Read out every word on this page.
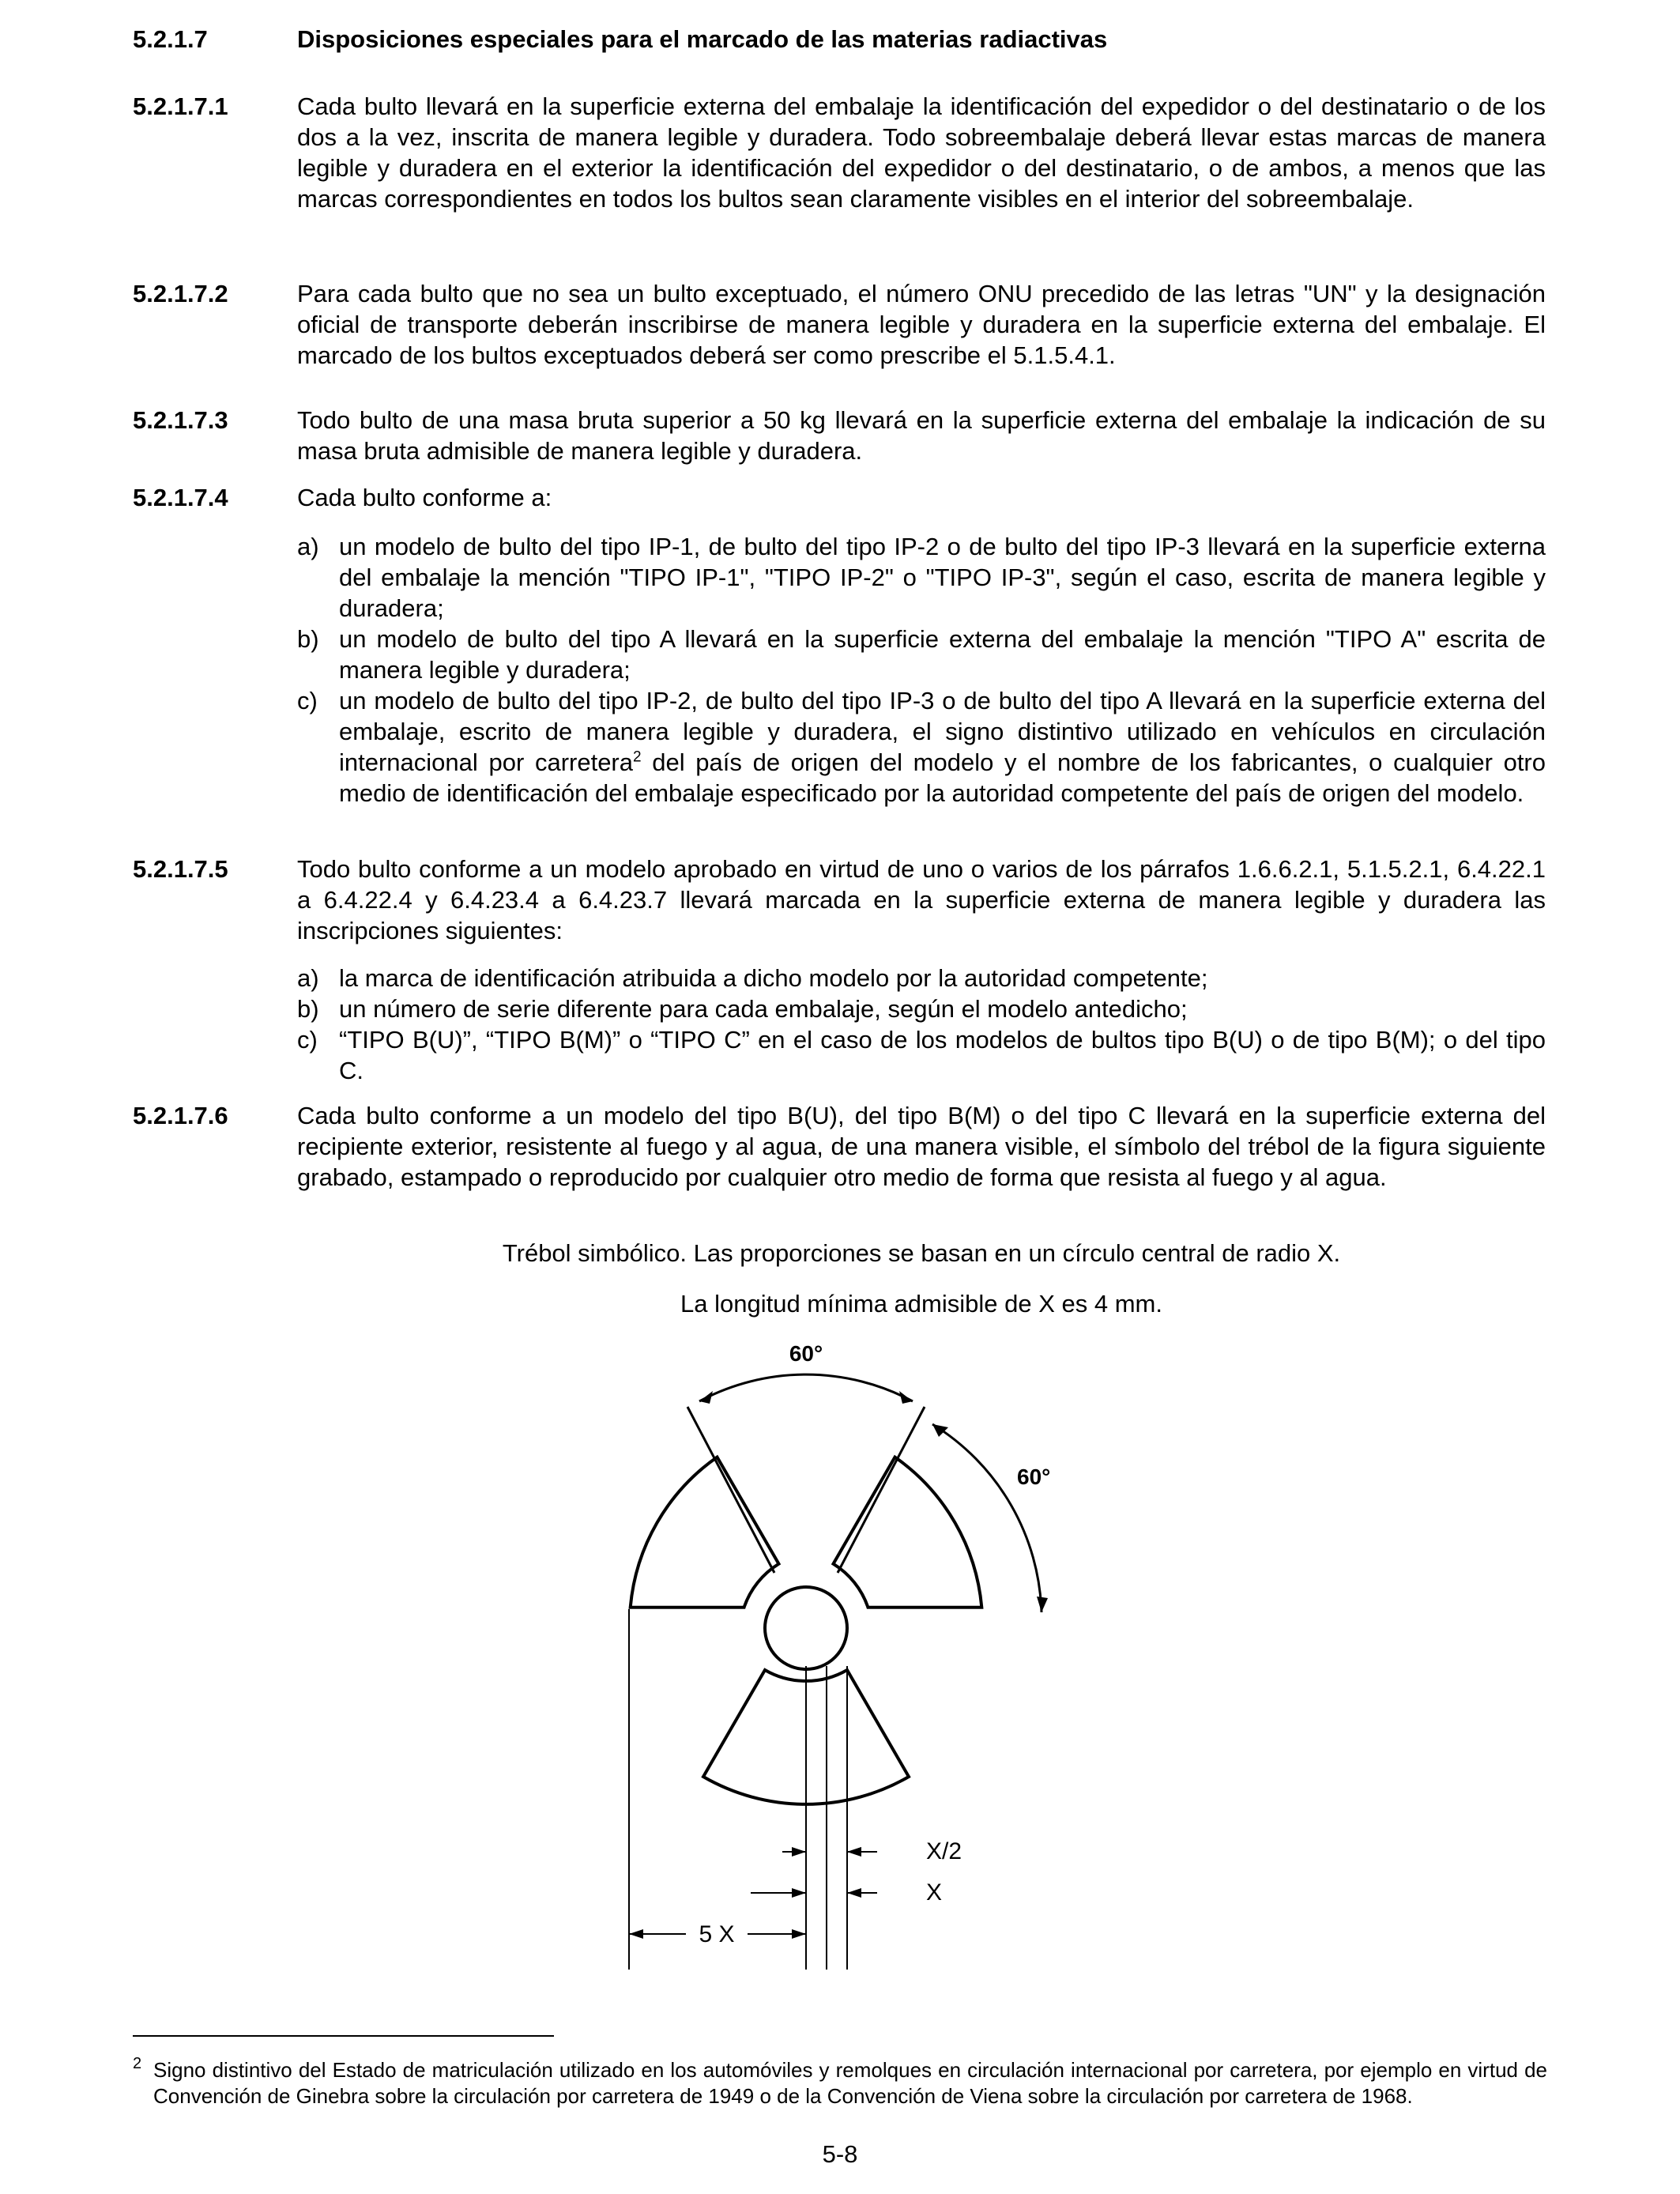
5.2.1.7	Disposiciones especiales para el marcado de las materias radiactivas
5.2.1.7.1	Cada bulto llevará en la superficie externa del embalaje la identificación del expedidor o del destinatario o de los dos a la vez, inscrita de manera legible y duradera. Todo sobreembalaje deberá llevar estas marcas de manera legible y duradera en el exterior la identificación del expedidor o del destinatario, o de ambos, a menos que las marcas correspondientes en todos los bultos sean claramente visibles en el interior del sobreembalaje.
5.2.1.7.2	Para cada bulto que no sea un bulto exceptuado, el número ONU precedido de las letras "UN" y la designación oficial de transporte deberán inscribirse de manera legible y duradera en la superficie externa del embalaje. El marcado de los bultos exceptuados deberá ser como prescribe el 5.1.5.4.1.
5.2.1.7.3	Todo bulto de una masa bruta superior a 50 kg llevará en la superficie externa del embalaje la indicación de su masa bruta admisible de manera legible y duradera.
5.2.1.7.4	Cada bulto conforme a:
a) un modelo de bulto del tipo IP-1, de bulto del tipo IP-2 o de bulto del tipo IP-3 llevará en la superficie externa del embalaje la mención "TIPO IP-1", "TIPO IP-2" o "TIPO IP-3", según el caso, escrita de manera legible y duradera;
b) un modelo de bulto del tipo A llevará en la superficie externa del embalaje la mención "TIPO A" escrita de manera legible y duradera;
c) un modelo de bulto del tipo IP-2, de bulto del tipo IP-3 o de bulto del tipo A llevará en la superficie externa del embalaje, escrito de manera legible y duradera, el signo distintivo utilizado en vehículos en circulación internacional por carretera$^2$ del país de origen del modelo y el nombre de los fabricantes, o cualquier otro medio de identificación del embalaje especificado por la autoridad competente del país de origen del modelo.
5.2.1.7.5	Todo bulto conforme a un modelo aprobado en virtud de uno o varios de los párrafos 1.6.6.2.1, 5.1.5.2.1, 6.4.22.1 a 6.4.22.4 y 6.4.23.4 a 6.4.23.7 llevará marcada en la superficie externa de manera legible y duradera las inscripciones siguientes:
a) la marca de identificación atribuida a dicho modelo por la autoridad competente;
b) un número de serie diferente para cada embalaje, según el modelo antedicho;
c) “TIPO B(U)”, “TIPO B(M)” o “TIPO C” en el caso de los modelos de bultos tipo B(U) o de tipo B(M); o del tipo C.
5.2.1.7.6	Cada bulto conforme a un modelo del tipo B(U), del tipo B(M) o del tipo C llevará en la superficie externa del recipiente exterior, resistente al fuego y al agua, de una manera visible, el símbolo del trébol de la figura siguiente grabado, estampado o reproducido por cualquier otro medio de forma que resista al fuego y al agua.
Trébol simbólico. Las proporciones se basan en un círculo central de radio X.
La longitud mínima admisible de X es 4 mm.
60°
60°
X/2
X
5 X
2 Signo distintivo del Estado de matriculación utilizado en los automóviles y remolques en circulación internacional por carretera, por ejemplo en virtud de Convención de Ginebra sobre la circulación por carretera de 1949 o de la Convención de Viena sobre la circulación por carretera de 1968.
5-8
